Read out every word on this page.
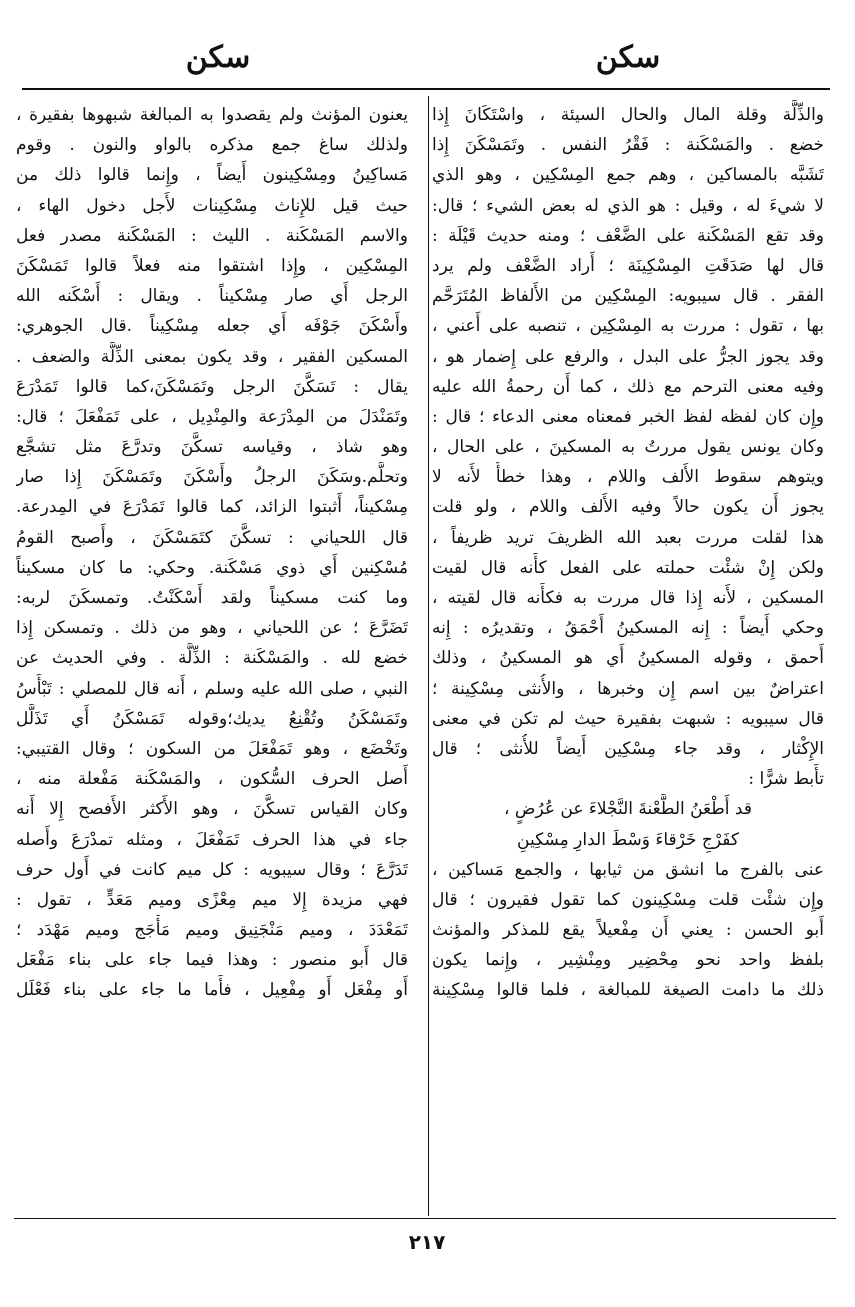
سكن
سكن
والذِّلَّة وقلة المال والحال السيئة ، واسْتَكَانَ إِذا
خضع . والمَسْكَنة : فَقْرُ النفس . وتَمَسْكَنَ إِذا
تَشَبَّه بالمساكين ، وهم جمع المِسْكِين ، وهو الذي
لا شيءَ له ، وقيل : هو الذي له بعض الشيء ؛ قال:
وقد تقع المَسْكَنة على الضَّعْف ؛ ومنه حديث قَيْلَة :
قال لها صَدَقَتِ المِسْكِينَة ؛ أَراد الضَّعْف ولم يرد
الفقر . قال سيبويه: المِسْكِين من الأَلفاظ المُتَرَحَّم
بها ، تقول : مررت به المِسْكِين ، تنصبه على أَعني ،
وقد يجوز الجرُّ على البدل ، والرفع على إِضمار هو ،
وفيه معنى الترحم مع ذلك ، كما أَن رحمةُ الله عليه
وإِن كان لفظه لفظ الخبر فمعناه معنى الدعاء ؛ قال :
وكان يونس يقول مررتُ به المسكينَ ، على الحال ،
ويتوهم سقوط الأَلف واللام ، وهذا خطأٌ لأَنه لا
يجوز أَن يكون حالاً وفيه الأَلف واللام ، ولو قلت
هذا لقلت مررت بعبد الله الظريفَ تريد ظريفاً ،
ولكن إِنْ شئْت حملته على الفعل كأَنه قال لقيت
المسكين ، لأَنه إِذا قال مررت به فكأَنه قال لقيته ،
وحكي أَيضاً : إِنه المسكينُ أَحْمَقُ ، وتقديرُه : إِنه
أَحمق ، وقوله المسكينُ أَي هو المسكينُ ، وذلك
اعتراضٌ بين اسم إِن وخبرها ، والأُنثى مِسْكِينة ؛
قال سيبويه : شبهت بفقيرة حيث لم تكن في معنى
الإِكْثار ، وقد جاء مِسْكِين أَيضاً للأُنثى ؛ قال
تأَبط شرًّا :
قد أَطْعَنُ الطَّعْنةَ النَّجْلاءَ عن عُرُضٍ ،
كفَرْجِ خَرْقاءَ وَسْطَ الدارِ مِسْكِينِ
عنى بالفرج ما انشق من ثيابها ، والجمع مَساكين ،
وإِن شئْت قلت مِسْكِينون كما تقول فقيرون ؛ قال
أَبو الحسن : يعني أَن مِفْعيلاً يقع للمذكر والمؤنث
بلفظ واحد نحو مِحْضِير ومِنْشِير ، وإِنما يكون
ذلك ما دامت الصيغة للمبالغة ، فلما قالوا مِسْكِينة
يعنون المؤنث ولم يقصدوا به المبالغة شبهوها بفقيرة ،
ولذلك ساغ جمع مذكره بالواو والنون . وقوم
مَساكِينُ ومِسْكِينون أَيضاً ، وإِنما قالوا ذلك من
حيث قيل للإِناث مِسْكِينات لأَجل دخول الهاء ،
والاسم المَسْكَنة . الليث : المَسْكَنة مصدر فعل
المِسْكِين ، وإِذا اشتقوا منه فعلاً قالوا تَمَسْكَنَ
الرجل أَي صار مِسْكيناً . ويقال : أَسْكَنه الله
وأَسْكَنَ جَوْفَه أَي جعله مِسْكِيناً .قال الجوهري:
المسكين الفقير ، وقد يكون بمعنى الذِّلَّة والضعف .
يقال : تَسَكَّنَ الرجل وتَمَسْكَنَ،كما قالوا تَمَدْرَعَ
وتَمَنْدَلَ من المِدْرَعة والمِنْدِيل ، على تَمَفْعَلَ ؛ قال:
وهو شاذ ، وقياسه تسكَّنَ وتدرَّعَ مثل تشجَّع
وتحلَّم.وسَكَنَ الرجلُ وأَسْكَنَ وتَمَسْكَنَ إِذا صار
مِسْكيناً، أَثبتوا الزائد، كما قالوا تَمَدْرَعَ في المِدرعة.
قال اللحياني : تسكَّنَ كتَمَسْكَنَ ، وأَصبح القومُ
مُسْكِنين أَي ذوي مَسْكَنة. وحكي: ما كان مسكيناً
وما كنت مسكيناً ولقد أَسْكَنْتُ. وتمسكَنَ لربه:
تَضَرَّعَ ؛ عن اللحياني ، وهو من ذلك . وتمسكن إِذا
خضع لله . والمَسْكَنة : الذِّلَّة . وفي الحديث عن
النبي ، صلى الله عليه وسلم ، أَنه قال للمصلي : تَبْأَسُ
وتَمَسْكَنُ وتُقْنِعُ يديك؛وقوله تَمَسْكَنُ أَي تَذَلَّل
وتَخْضَع ، وهو تَمَفْعَلَ من السكون ؛ وقال القتيبي:
أَصل الحرف السُّكون ، والمَسْكَنة مَفْعلة منه ،
وكان القياس تسكَّنَ ، وهو الأَكثر الأَفصح إِلا أَنه
جاء في هذا الحرف تَمَفْعَلَ ، ومثله تمدْرَعَ وأَصله
تَدَرَّعَ ؛ وقال سيبويه : كل ميم كانت في أَول حرف
فهي مزيدة إِلا ميم مِعْزًى وميم مَعَدٍّ ، تقول :
تَمَعْدَدَ ، وميم مَنْجَنِيق وميم مَأْجَج وميم مَهْدَد ؛
قال أَبو منصور : وهذا فيما جاء على بناء مَفْعَل
أَو مِفْعَل أَو مِفْعِيل ، فأَما ما جاء على بناء فَعْلَل
٢١٧
